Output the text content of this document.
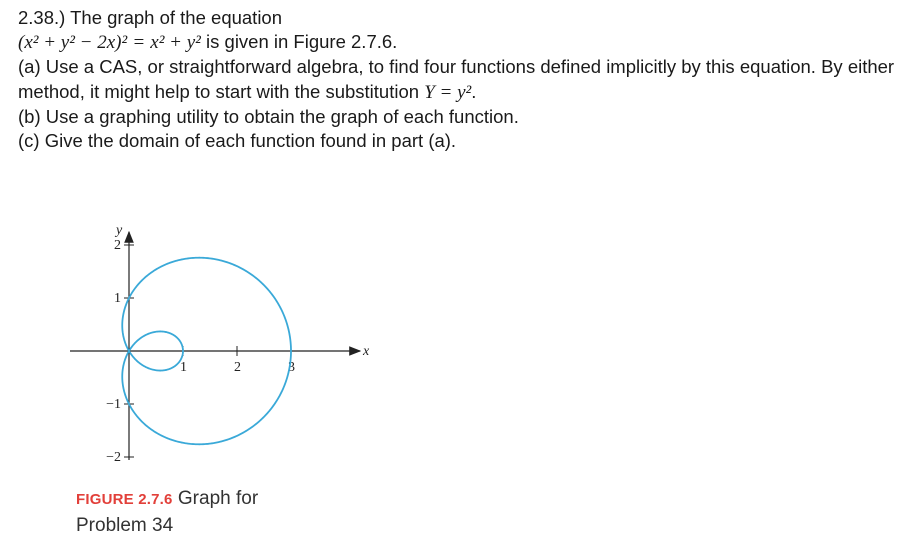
2.38.) The graph of the equation

(x² + y² − 2x)² = x² + y² is given in Figure 2.7.6.

(a) Use a CAS, or straightforward algebra, to find four functions defined implicitly by this equation. By either method, it might help to start with the substitution Y = y².

(b) Use a graphing utility to obtain the graph of each function.

(c) Give the domain of each function found in part (a).

1	2	3
2
1
−1
−2
x
y
FIGURE 2.7.6 Graph for
Problem 34
